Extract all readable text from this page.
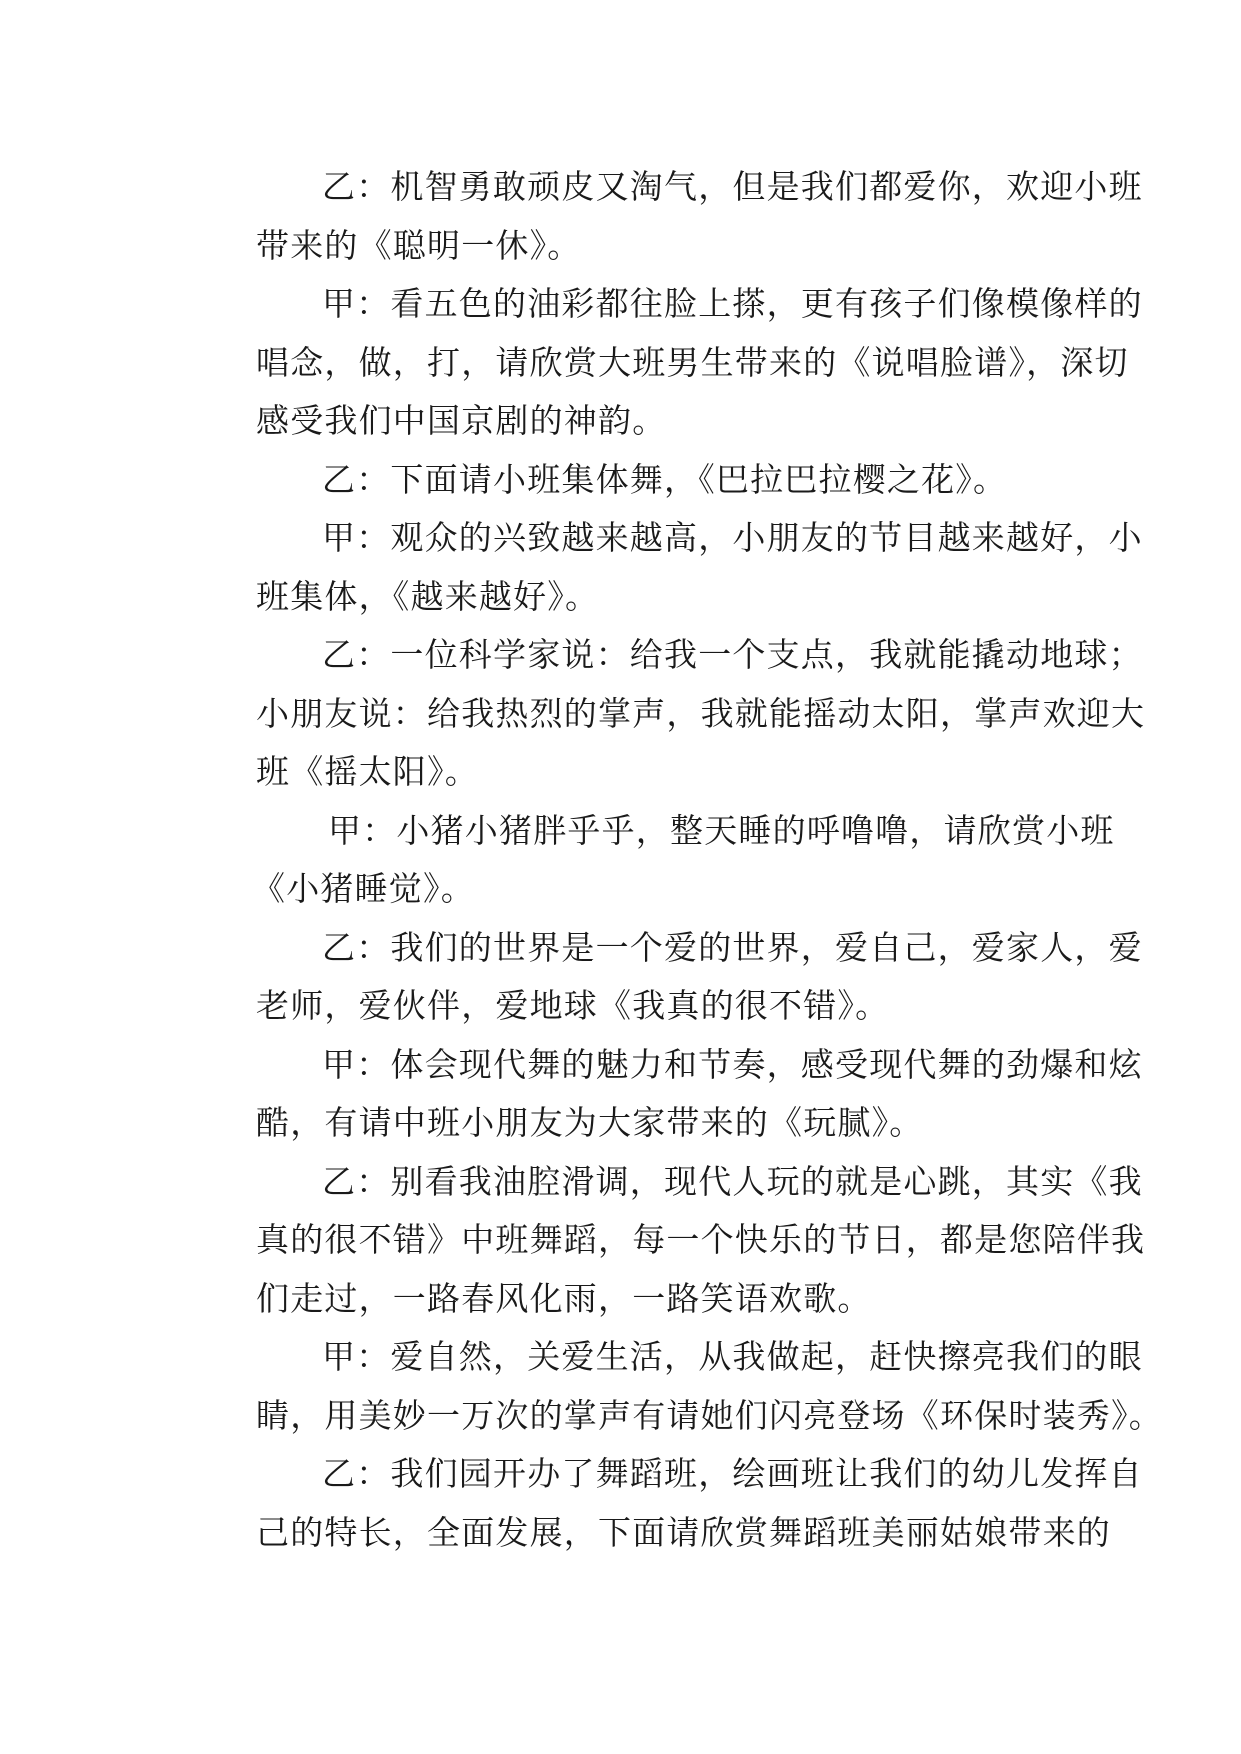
乙：机智勇敢顽皮又淘气，但是我们都爱你，欢迎小班
带来的《聪明一休》。
甲：看五色的油彩都往脸上搽，更有孩子们像模像样的
唱念，做，打，请欣赏大班男生带来的《说唱脸谱》，深切
感受我们中国京剧的神韵。
乙：下面请小班集体舞，《巴拉巴拉樱之花》。
甲：观众的兴致越来越高，小朋友的节目越来越好，小
班集体，《越来越好》。
乙：一位科学家说：给我一个支点，我就能撬动地球；
小朋友说：给我热烈的掌声，我就能摇动太阳，掌声欢迎大
班《摇太阳》。
甲：小猪小猪胖乎乎，整天睡的呼噜噜，请欣赏小班
《小猪睡觉》。
乙：我们的世界是一个爱的世界，爱自己，爱家人，爱
老师，爱伙伴，爱地球《我真的很不错》。
甲：体会现代舞的魅力和节奏，感受现代舞的劲爆和炫
酷，有请中班小朋友为大家带来的《玩腻》。
乙：别看我油腔滑调，现代人玩的就是心跳，其实《我
真的很不错》中班舞蹈，每一个快乐的节日，都是您陪伴我
们走过，一路春风化雨，一路笑语欢歌。
甲：爱自然，关爱生活，从我做起，赶快擦亮我们的眼
睛，用美妙一万次的掌声有请她们闪亮登场《环保时装秀》。
乙：我们园开办了舞蹈班，绘画班让我们的幼儿发挥自
己的特长，全面发展，下面请欣赏舞蹈班美丽姑娘带来的
